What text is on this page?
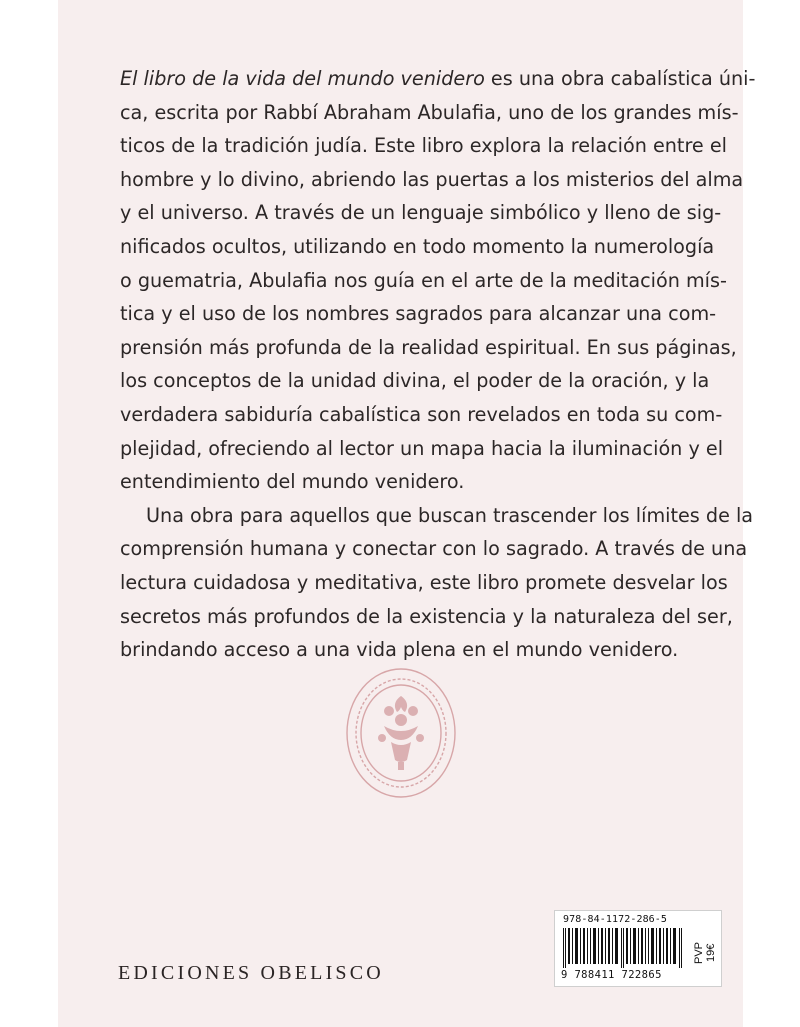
El libro de la vida del mundo venidero es una obra cabalística úni-
ca, escrita por Rabbí Abraham Abulafia, uno de los grandes mís-
ticos de la tradición judía. Este libro explora la relación entre el
hombre y lo divino, abriendo las puertas a los misterios del alma
y el universo. A través de un lenguaje simbólico y lleno de sig-
nificados ocultos, utilizando en todo momento la numerología
o guematria, Abulafia nos guía en el arte de la meditación mís-
tica y el uso de los nombres sagrados para alcanzar una com-
prensión más profunda de la realidad espiritual. En sus páginas,
los conceptos de la unidad divina, el poder de la oración, y la
verdadera sabiduría cabalística son revelados en toda su com-
plejidad, ofreciendo al lector un mapa hacia la iluminación y el
entendimiento del mundo venidero.
Una obra para aquellos que buscan trascender los límites de la
comprensión humana y conectar con lo sagrado. A través de una
lectura cuidadosa y meditativa, este libro promete desvelar los
secretos más profundos de la existencia y la naturaleza del ser,
brindando acceso a una vida plena en el mundo venidero.
978-84-1172-286-5
9 788411 722865
PVP 19€
EDICIONES OBELISCO
